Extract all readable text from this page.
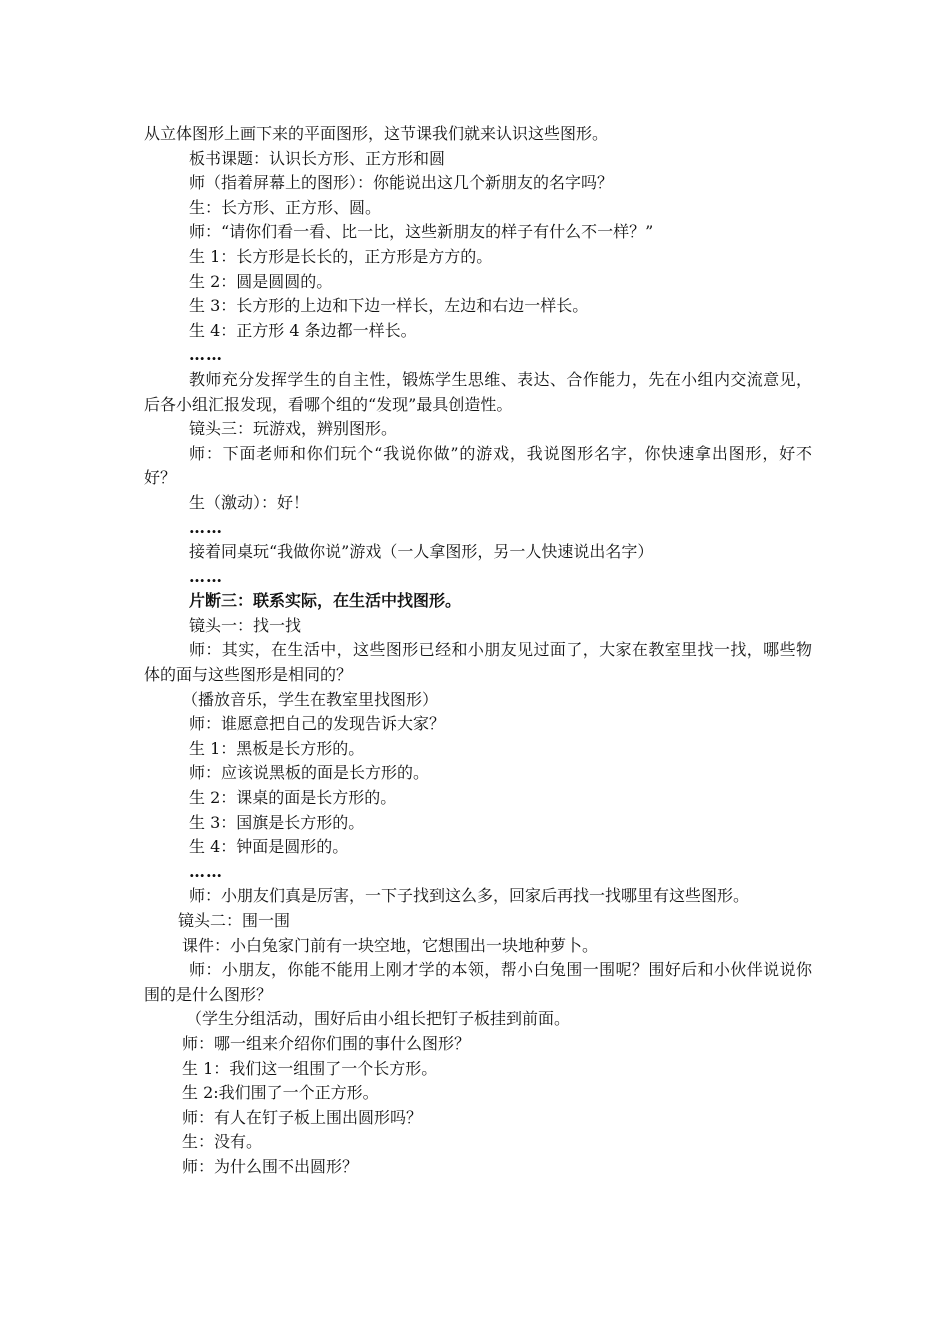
从立体图形上画下来的平面图形，这节课我们就来认识这些图形。
板书课题：认识长方形、正方形和圆
师（指着屏幕上的图形）：你能说出这几个新朋友的名字吗？
生：长方形、正方形、圆。
师：“请你们看一看、比一比，这些新朋友的样子有什么不一样？”
生 1：长方形是长长的，正方形是方方的。
生 2：圆是圆圆的。
生 3：长方形的上边和下边一样长，左边和右边一样长。
生 4：正方形 4 条边都一样长。
……
教师充分发挥学生的自主性，锻炼学生思维、表达、合作能力，先在小组内交流意见，后各小组汇报发现，看哪个组的“发现”最具创造性。
镜头三：玩游戏，辨别图形。
师：下面老师和你们玩个“我说你做”的游戏，我说图形名字，你快速拿出图形，好不好？
生（激动）：好！
……
接着同桌玩“我做你说”游戏（一人拿图形，另一人快速说出名字）
……
片断三：联系实际，在生活中找图形。
镜头一：找一找
师：其实，在生活中，这些图形已经和小朋友见过面了，大家在教室里找一找，哪些物体的面与这些图形是相同的？
（播放音乐，学生在教室里找图形）
师：谁愿意把自己的发现告诉大家？
生 1：黑板是长方形的。
师：应该说黑板的面是长方形的。
生 2：课桌的面是长方形的。
生 3：国旗是长方形的。
生 4：钟面是圆形的。
……
师：小朋友们真是厉害，一下子找到这么多，回家后再找一找哪里有这些图形。
镜头二：围一围
课件：小白兔家门前有一块空地，它想围出一块地种萝卜。
师：小朋友，你能不能用上刚才学的本领，帮小白兔围一围呢？围好后和小伙伴说说你围的是什么图形？
（学生分组活动，围好后由小组长把钉子板挂到前面。
师：哪一组来介绍你们围的事什么图形？
生 1：我们这一组围了一个长方形。
生 2:我们围了一个正方形。
师：有人在钉子板上围出圆形吗？
生：没有。
师：为什么围不出圆形？
